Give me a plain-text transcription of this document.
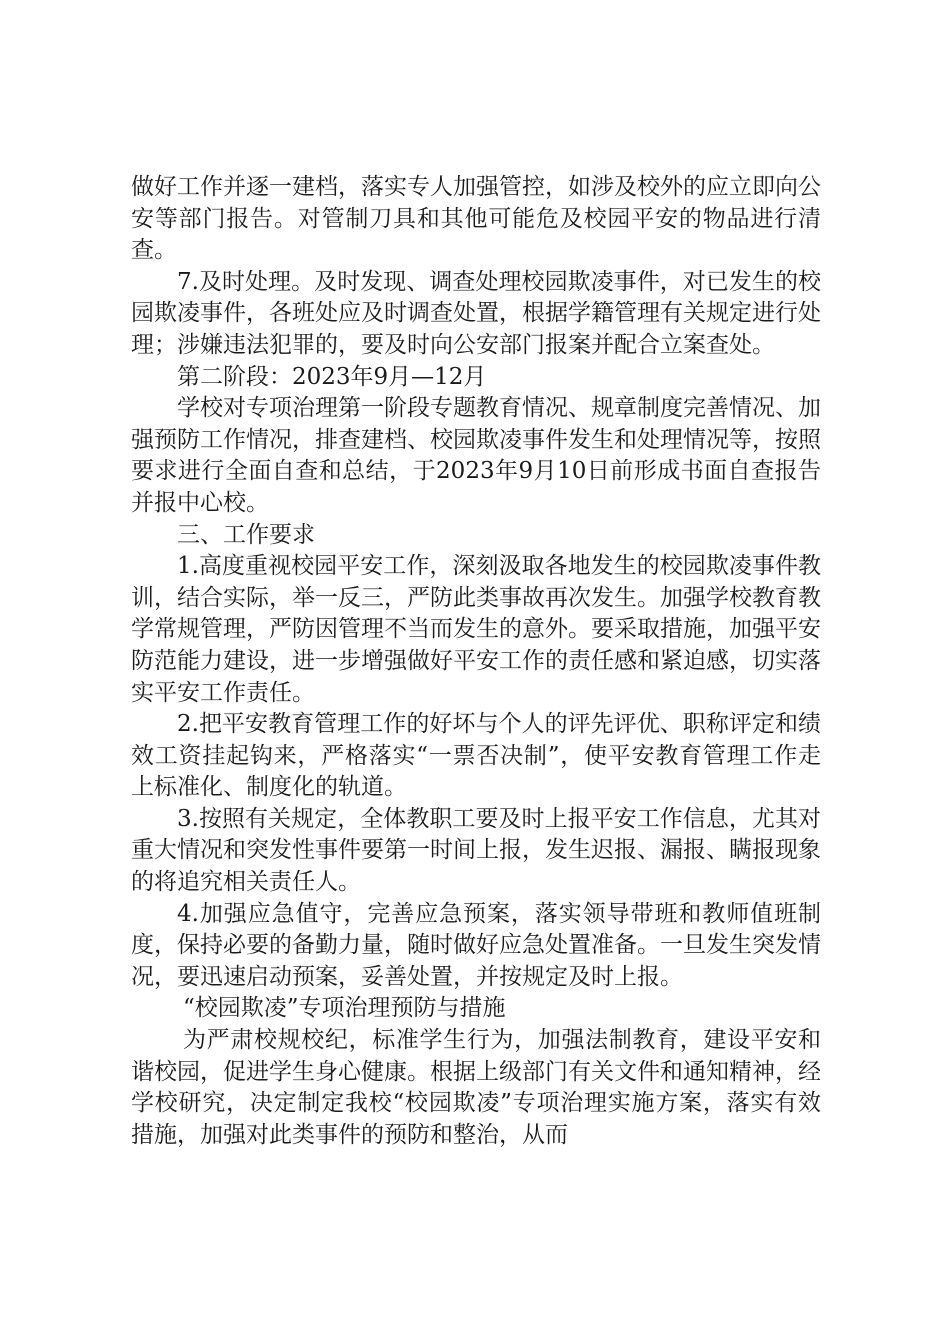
做好工作并逐一建档，落实专人加强管控，如涉及校外的应立即向公安等部门报告。对管制刀具和其他可能危及校园平安的物品进行清查。

7.及时处理。及时发现、调查处理校园欺凌事件，对已发生的校园欺凌事件，各班处应及时调查处置，根据学籍管理有关规定进行处理；涉嫌违法犯罪的，要及时向公安部门报案并配合立案查处。

第二阶段：2023年9月—12月

学校对专项治理第一阶段专题教育情况、规章制度完善情况、加强预防工作情况，排查建档、校园欺凌事件发生和处理情况等，按照要求进行全面自查和总结，于2023年9月10日前形成书面自查报告并报中心校。

三、工作要求

1.高度重视校园平安工作，深刻汲取各地发生的校园欺凌事件教训，结合实际，举一反三，严防此类事故再次发生。加强学校教育教学常规管理，严防因管理不当而发生的意外。要采取措施，加强平安防范能力建设，进一步增强做好平安工作的责任感和紧迫感，切实落实平安工作责任。

2.把平安教育管理工作的好坏与个人的评先评优、职称评定和绩效工资挂起钩来，严格落实“一票否决制”，使平安教育管理工作走上标准化、制度化的轨道。

3.按照有关规定，全体教职工要及时上报平安工作信息，尤其对重大情况和突发性事件要第一时间上报，发生迟报、漏报、瞒报现象的将追究相关责任人。

4.加强应急值守，完善应急预案，落实领导带班和教师值班制度，保持必要的备勤力量，随时做好应急处置准备。一旦发生突发情况，要迅速启动预案，妥善处置，并按规定及时上报。

“校园欺凌”专项治理预防与措施

为严肃校规校纪，标准学生行为，加强法制教育，建设平安和谐校园，促进学生身心健康。根据上级部门有关文件和通知精神，经学校研究，决定制定我校“校园欺凌”专项治理实施方案，落实有效措施，加强对此类事件的预防和整治，从而
